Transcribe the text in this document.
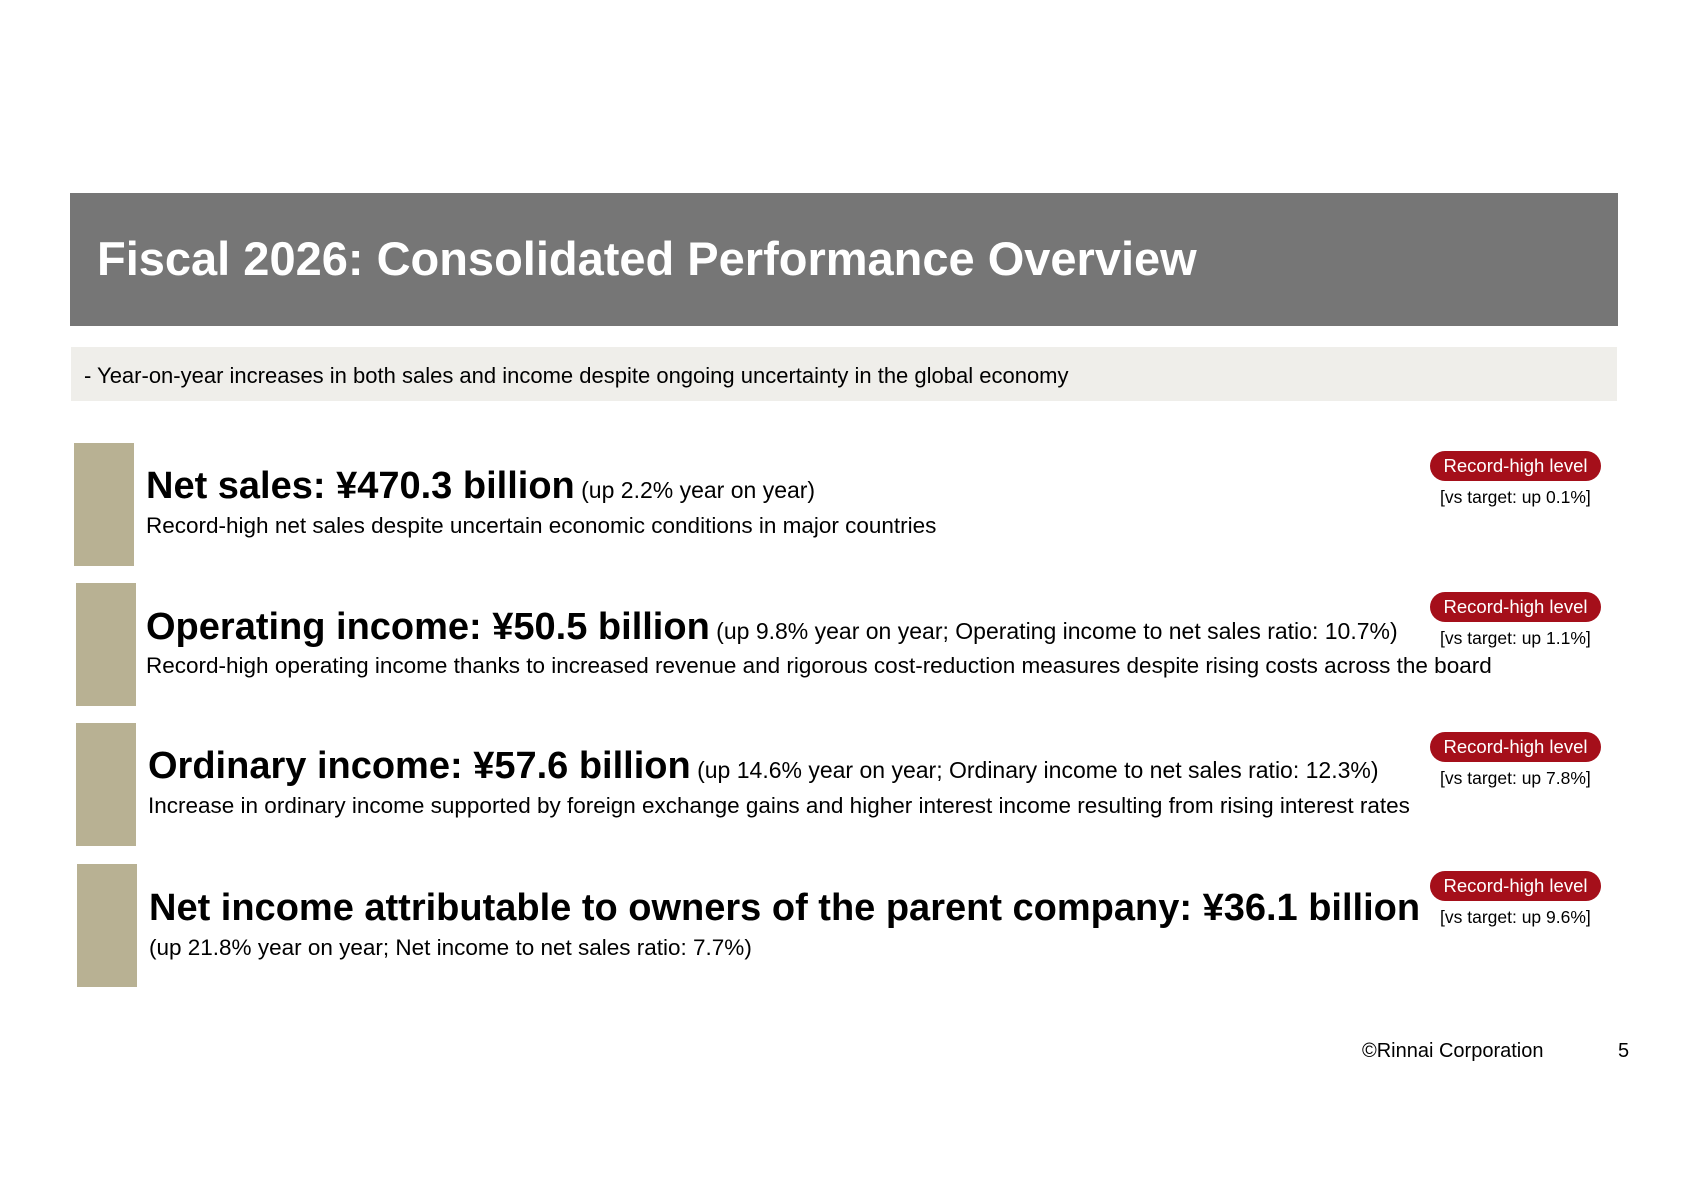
Fiscal 2026: Consolidated Performance Overview
- Year-on-year increases in both sales and income despite ongoing uncertainty in the global economy
Net sales: ¥470.3 billion (up 2.2% year on year)
Record-high net sales despite uncertain economic conditions in major countries
Record-high level
[vs target: up 0.1%]
Operating income: ¥50.5 billion (up 9.8% year on year; Operating income to net sales ratio: 10.7%)
Record-high operating income thanks to increased revenue and rigorous cost-reduction measures despite rising costs across the board
Record-high level
[vs target: up 1.1%]
Ordinary income: ¥57.6 billion (up 14.6% year on year; Ordinary income to net sales ratio: 12.3%)
Increase in ordinary income supported by foreign exchange gains and higher interest income resulting from rising interest rates
Record-high level
[vs target: up 7.8%]
Net income attributable to owners of the parent company: ¥36.1 billion
(up 21.8% year on year; Net income to net sales ratio: 7.7%)
Record-high level
[vs target: up 9.6%]
©Rinnai Corporation	5
